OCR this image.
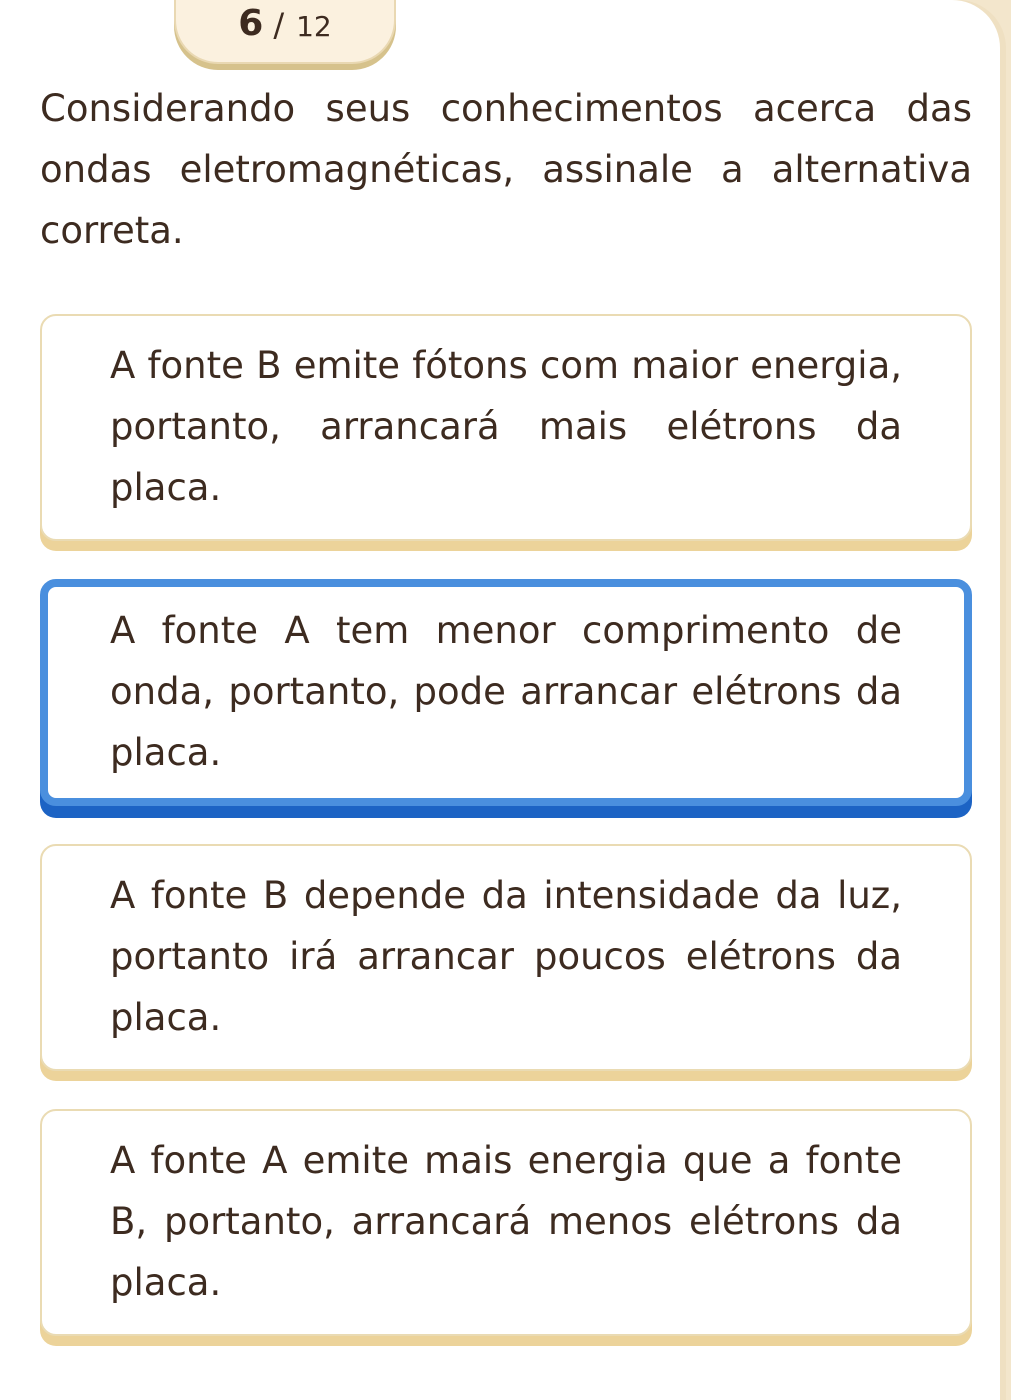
6 / 12

Considerando seus conhecimentos acerca das ondas eletromagnéticas, assinale a alternativa correta.

A fonte B emite fótons com maior energia, portanto, arrancará mais elétrons da placa.
A fonte A tem menor comprimento de onda, portanto, pode arrancar elétrons da placa.
A fonte B depende da intensidade da luz, portanto irá arrancar poucos elétrons da placa.
A fonte A emite mais energia que a fonte B, portanto, arrancará menos elétrons da placa.
